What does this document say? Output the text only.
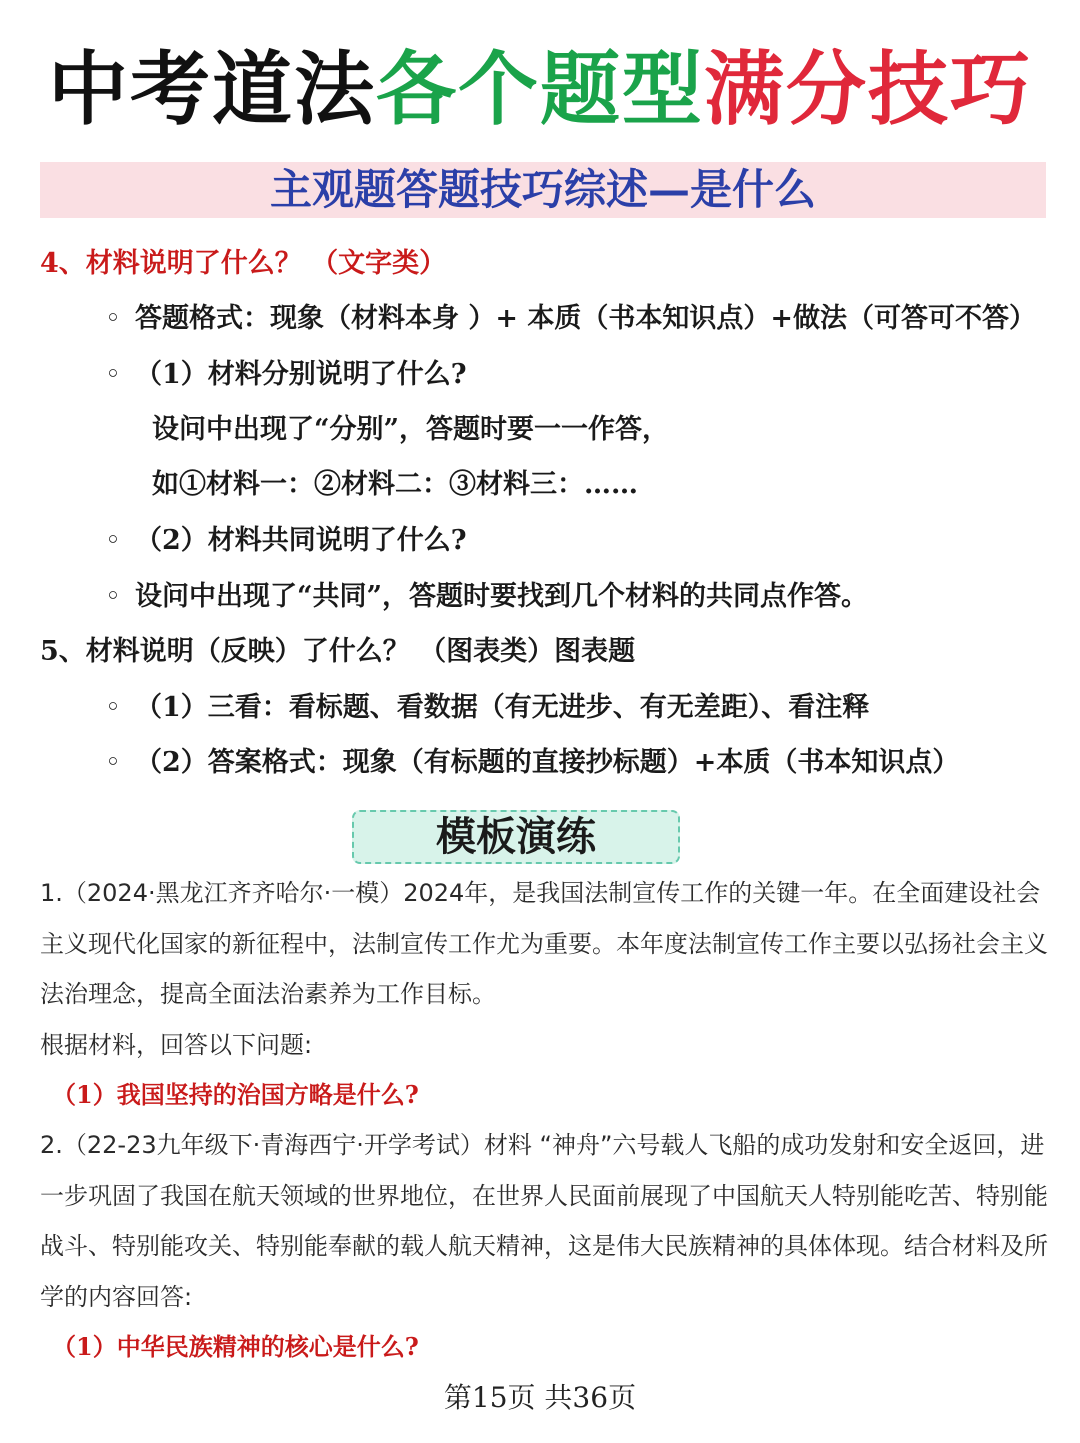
中考道法各个题型满分技巧
主观题答题技巧综述—是什么
4、材料说明了什么？ （文字类）
◦ 答题格式：现象（材料本身 ）+ 本质（书本知识点）+做法（可答可不答）
◦ （1）材料分别说明了什么?
设问中出现了“分别”，答题时要一一作答，
如①材料一：②材料二：③材料三：……
◦ （2）材料共同说明了什么?
◦ 设问中出现了“共同”，答题时要找到几个材料的共同点作答。
5、材料说明（反映）了什么？ （图表类）图表题
◦ （1）三看：看标题、看数据（有无进步、有无差距）、看注释
◦ （2）答案格式：现象（有标题的直接抄标题）+本质（书本知识点）
模板演练
1.（2024·黑龙江齐齐哈尔·一模）2024年，是我国法制宣传工作的关键一年。在全面建设社会主义现代化国家的新征程中，法制宣传工作尤为重要。本年度法制宣传工作主要以弘扬社会主义法治理念，提高全面法治素养为工作目标。
根据材料，回答以下问题:
（1）我国坚持的治国方略是什么?
2.（22-23九年级下·青海西宁·开学考试）材料 “神舟”六号载人飞船的成功发射和安全返回，进一步巩固了我国在航天领域的世界地位，在世界人民面前展现了中国航天人特别能吃苦、特别能战斗、特别能攻关、特别能奉献的载人航天精神，这是伟大民族精神的具体体现。结合材料及所学的内容回答:
（1）中华民族精神的核心是什么?
第15页 共36页
